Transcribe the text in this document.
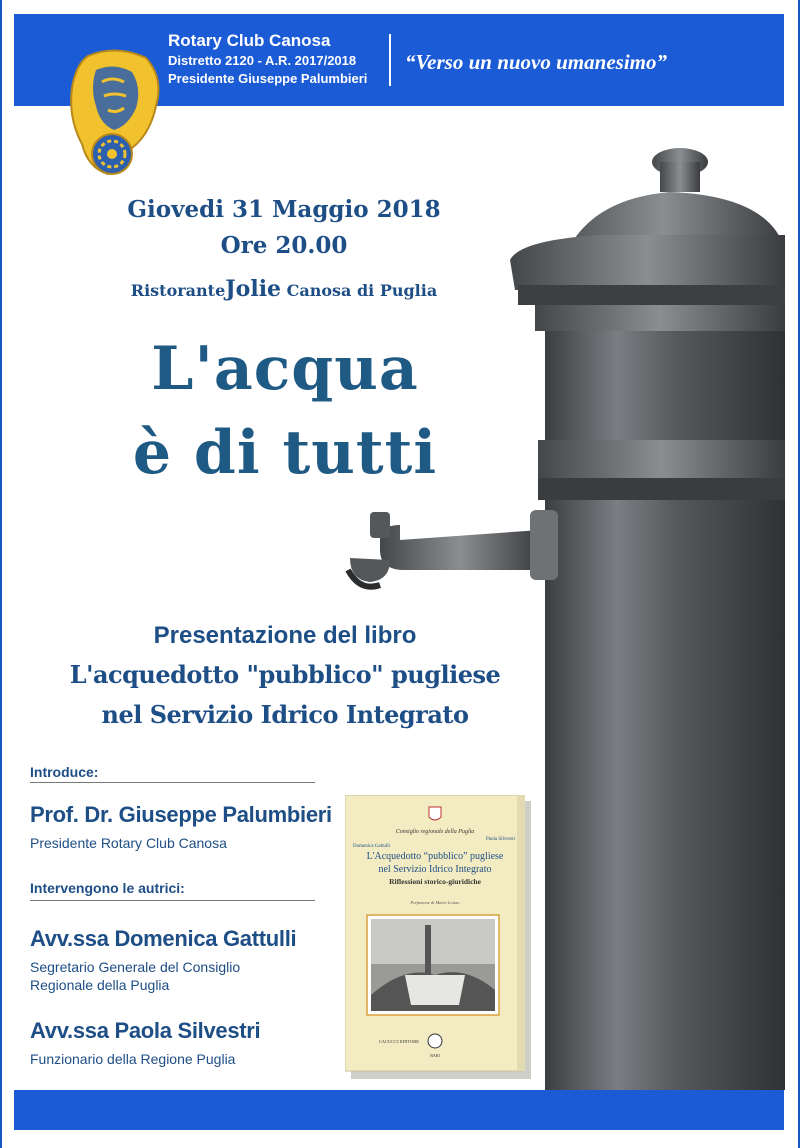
Rotary Club Canosa
Distretto 2120 - A.R. 2017/2018
Presidente Giuseppe Palumbieri
“Verso un nuovo umanesimo”
Giovedi 31 Maggio 2018
Ore 20.00
RistoranteJolie Canosa di Puglia
L'acqua
è di tutti
Presentazione del libro
L'acquedotto "pubblico" pugliese
nel Servizio Idrico Integrato
Introduce:
Prof. Dr. Giuseppe Palumbieri
Presidente Rotary Club Canosa
Intervengono le autrici:
Avv.ssa Domenica Gattulli
Segretario Generale del Consiglio
Regionale della Puglia
Avv.ssa Paola Silvestri
Funzionario della Regione Puglia
Consiglio regionale della Puglia
Domenica Gattulli
Paola Silvestri
L'Acquedotto “pubblico” pugliese
nel Servizio Idrico Integrato
Riflessioni storico-giuridiche
Prefazione di Mario Loizzo
CACUCCI EDITORE
BARI
